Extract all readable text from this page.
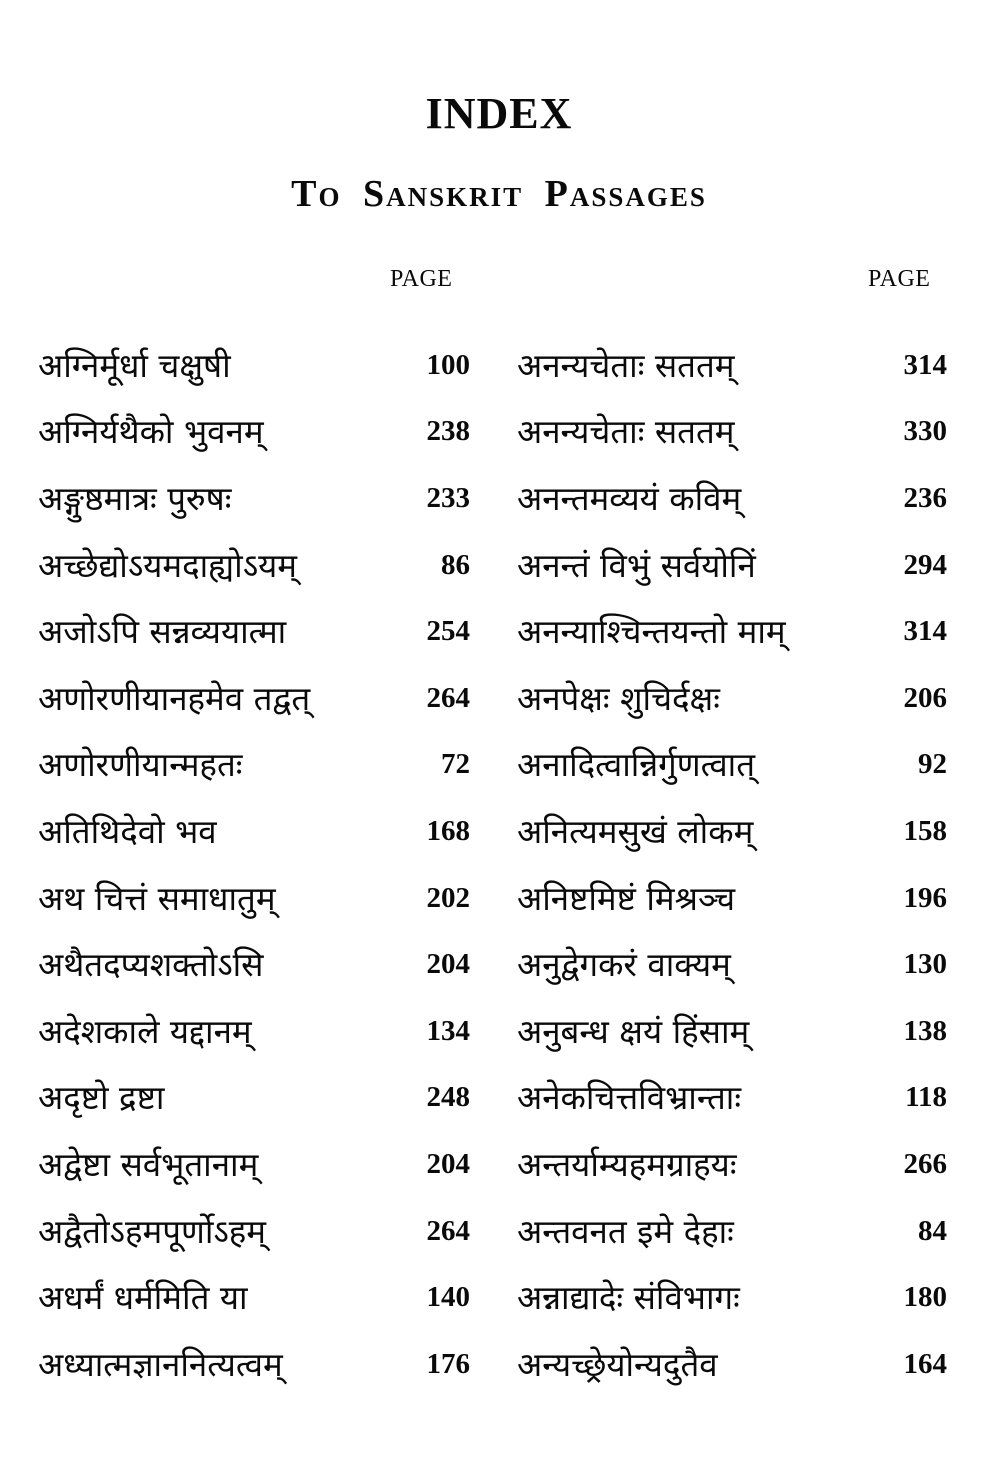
INDEX
To Sanskrit Passages
PAGE	PAGE
अग्निर्मूर्धा चक्षुषी	100
अग्निर्यथैको भुवनम्	238
अङ्गुष्ठमात्रः पुरुषः	233
अच्छेद्योऽयमदाह्योऽयम्	86
अजोऽपि सन्नव्ययात्मा	254
अणोरणीयानहमेव तद्वत्	264
अणोरणीयान्महतः	72
अतिथिदेवो भव	168
अथ चित्तं समाधातुम्	202
अथैतदप्यशक्तोऽसि	204
अदेशकाले यद्दानम्	134
अदृष्टो द्रष्टा	248
अद्वेष्टा सर्वभूतानाम्	204
अद्वैतोऽहमपूर्णोऽहम्	264
अधर्मं धर्ममिति या	140
अध्यात्मज्ञाननित्यत्वम्	176
अनन्यचेताः सततम्	314
अनन्यचेताः सततम्	330
अनन्तमव्ययं कविम्	236
अनन्तं विभुं सर्वयोनिं	294
अनन्याश्चिन्तयन्तो माम्	314
अनपेक्षः शुचिर्दक्षः	206
अनादित्वान्निर्गुणत्वात्	92
अनित्यमसुखं लोकम्	158
अनिष्टमिष्टं मिश्रञ्च	196
अनुद्वेगकरं वाक्यम्	130
अनुबन्ध क्षयं हिंसाम्	138
अनेकचित्तविभ्रान्ताः	118
अन्तर्याम्यहमग्राहयः	266
अन्तवनत इमे देहाः	84
अन्नाद्यादेः संविभागः	180
अन्यच्छ्रेयोन्यदुतैव	164
